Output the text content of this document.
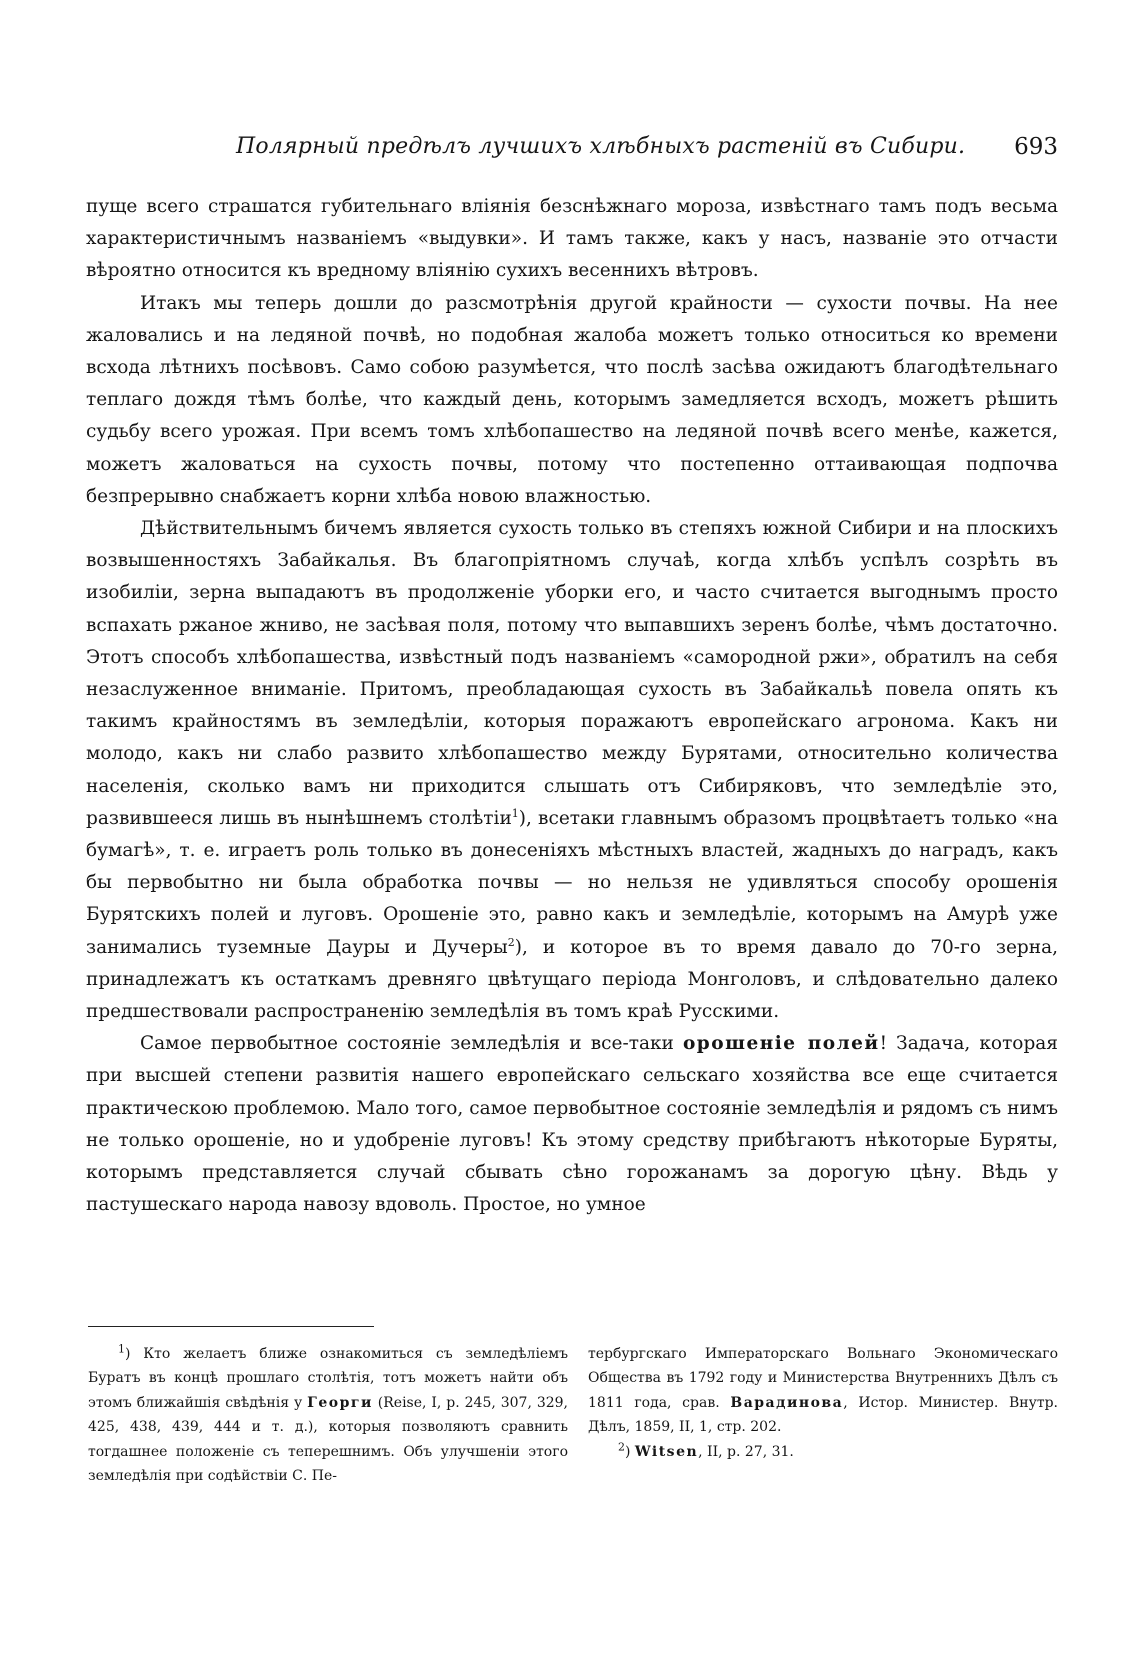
Полярный предѣлъ лучшихъ хлѣбныхъ растеній въ Сибири. 693

пуще всего страшатся губительнаго вліянія безснѣжнаго мороза, извѣстнаго тамъ подъ весьма характеристичнымъ названіемъ «выдувки». И тамъ также, какъ у насъ, названіе это отчасти вѣроятно относится къ вредному вліянію сухихъ весеннихъ вѣтровъ.

Итакъ мы теперь дошли до разсмотрѣнія другой крайности — сухости почвы. На нее жаловались и на ледяной почвѣ, но подобная жалоба можетъ только относиться ко времени всхода лѣтнихъ посѣвовъ. Само собою разумѣется, что послѣ засѣва ожидаютъ благодѣтельнаго теплаго дождя тѣмъ болѣе, что каждый день, которымъ замедляется всходъ, можетъ рѣшить судьбу всего урожая. При всемъ томъ хлѣбопашество на ледяной почвѣ всего менѣе, кажется, можетъ жаловаться на сухость почвы, потому что постепенно оттаивающая подпочва безпрерывно снабжаетъ корни хлѣба новою влажностью.

Дѣйствительнымъ бичемъ является сухость только въ степяхъ южной Сибири и на плоскихъ возвышенностяхъ Забайкалья. Въ благопріятномъ случаѣ, когда хлѣбъ успѣлъ созрѣть въ изобиліи, зерна выпадаютъ въ продолженіе уборки его, и часто считается выгоднымъ просто вспахать ржаное жниво, не засѣвая поля, потому что выпавшихъ зеренъ болѣе, чѣмъ достаточно. Этотъ способъ хлѣбопашества, извѣстный подъ названіемъ «самородной ржи», обратилъ на себя незаслуженное вниманіе. Притомъ, преобладающая сухость въ Забайкальѣ повела опять къ такимъ крайностямъ въ земледѣліи, которыя поражаютъ европейскаго агронома. Какъ ни молодо, какъ ни слабо развито хлѣбопашество между Бурятами, относительно количества населенія, сколько вамъ ни приходится слышать отъ Сибиряковъ, что земледѣліе это, развившееся лишь въ нынѣшнемъ столѣтіи$^1$), всетаки главнымъ образомъ процвѣтаетъ только «на бумагѣ», т. е. играетъ роль только въ донесеніяхъ мѣстныхъ властей, жадныхъ до наградъ, какъ бы первобытно ни была обработка почвы — но нельзя не удивляться способу орошенія Бурятскихъ полей и луговъ. Орошеніе это, равно какъ и земледѣліе, которымъ на Амурѣ уже занимались туземные Дауры и Дучеры$^2$), и которое въ то время давало до 70-го зерна, принадлежатъ къ остаткамъ древняго цвѣтущаго періода Монголовъ, и слѣдовательно далеко предшествовали распространенію земледѣлія въ томъ краѣ Русскими.

Самое первобытное состояніе земледѣлія и все-таки орошеніе полей! Задача, которая при высшей степени развитія нашего европейскаго сельскаго хозяйства все еще считается практическою проблемою. Мало того, самое первобытное состояніе земледѣлія и рядомъ съ нимъ не только орошеніе, но и удобреніе луговъ! Къ этому средству прибѣгаютъ нѣкоторые Буряты, которымъ представляется случай сбывать сѣно горожанамъ за дорогую цѣну. Вѣдь у пастушескаго народа навозу вдоволь. Простое, но умное

$^1$) Кто желаетъ ближе ознакомиться съ земледѣліемъ Буратъ въ концѣ прошлаго столѣтія, тотъ можетъ найти объ этомъ ближайшія свѣдѣнія у Георги (Reise, I, p. 245, 307, 329, 425, 438, 439, 444 и т. д.), которыя позволяютъ сравнить тогдашнее положеніе съ теперешнимъ. Объ улучшеніи этого земледѣлія при содѣйствіи С. Пе-

тербургскаго Императорскаго Вольнаго Экономическаго Общества въ 1792 году и Министерства Внутреннихъ Дѣлъ съ 1811 года, срав. Варадинова, Истор. Министер. Внутр. Дѣлъ, 1859, II, 1, стр. 202.

$^2$) Witsen, II, p. 27, 31.
